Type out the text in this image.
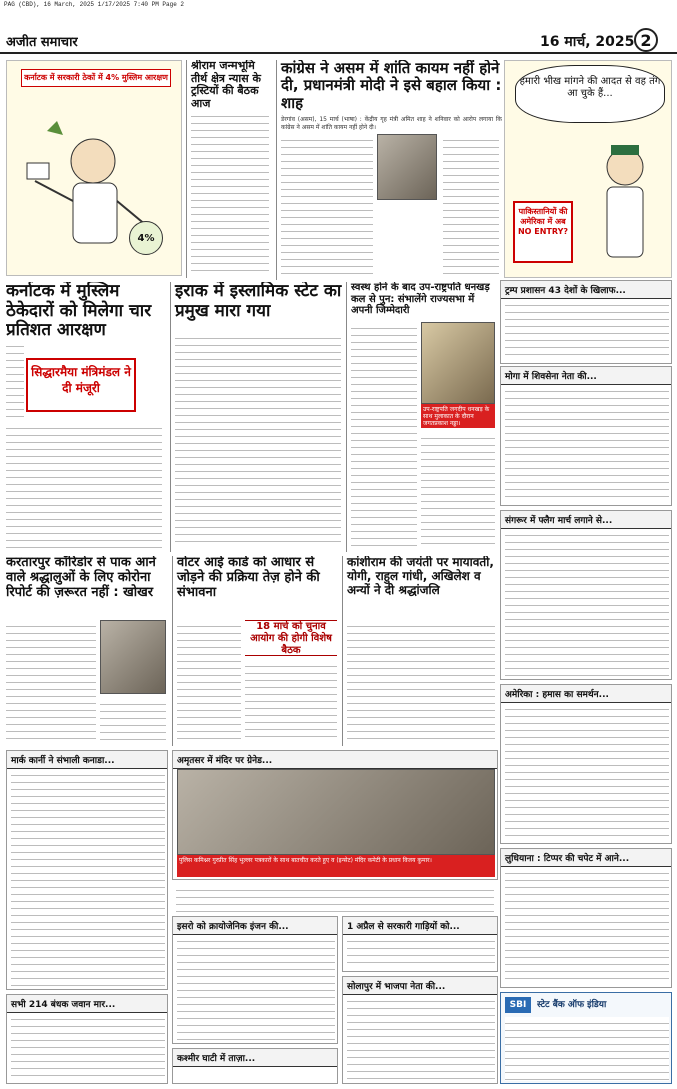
PAG (CBD), 16 March, 2025 1/17/2025 7:40 PM Page 2
अजीत समाचार	16 मार्च, 2025 2
कर्नाटक में सरकारी ठेकों में 4% मुस्लिम आरक्षण
4%
श्रीराम जन्मभूमि तीर्थ क्षेत्र न्यास के ट्रस्टियों की बैठक आज
कांग्रेस ने असम में शांति कायम नहीं होने दी, प्रधानमंत्री मोदी ने इसे बहाल किया : शाह
डेरगांव (असम), 15 मार्च (भाषा) : केंद्रीय गृह मंत्री अमित शाह ने शनिवार को आरोप लगाया कि कांग्रेस ने असम में शांति कायम नहीं होने दी।
हमारी भीख मांगने की आदत से वह तंग आ चुके हैं...
पाकिस्तानियों की अमेरिका में अब NO ENTRY?
ट्रम्प प्रशासन 43 देशों के खिलाफ...
कर्नाटक में मुस्लिम ठेकेदारों को मिलेगा चार प्रतिशत आरक्षण
सिद्धारमैया मंत्रिमंडल ने दी मंजूरी
इराक में इस्लामिक स्टेट का प्रमुख मारा गया
स्वस्थ होने के बाद उप-राष्ट्रपति धनखड़ कल से पुन: संभालेंगे राज्यसभा में अपनी जिम्मेदारी
उप-राष्ट्रपति जगदीप धनखड़ के साथ मुलाकात के दौरान जगतप्रकाश नड्डा।
मोगा में शिवसेना नेता की...
संगरूर में फ्लैग मार्च लगाने से...
करतारपुर कॉरिडोर से पाक आने वाले श्रद्धालुओं के लिए कोरोना रिपोर्ट की ज़रूरत नहीं : खोखर
वोटर आई कार्ड को आधार से जोड़ने की प्रक्रिया तेज़ होने की संभावना
18 मार्च को चुनाव आयोग की होगी विशेष बैठक
कांशीराम की जयंती पर मायावती, योगी, राहुल गांधी, अखिलेश व अन्यों ने दी श्रद्धांजलि
अमेरिका : हमास का समर्थन...
मार्क कार्नी ने संभाली कनाडा...	अमृतसर में मंदिर पर ग्रेनेड...
पुलिस कमिश्नर गुरप्रीत सिंह भुल्लर पत्रकारों के साथ बातचीत करते हुए व (इन्सेट) मंदिर कमेटी के प्रधान विजय कुमार।
इसरो को क्रायोजेनिक इंजन की...	1 अप्रैल से सरकारी गाड़ियों को...
सोलापुर में भाजपा नेता की...
लुधियाना : टिप्पर की चपेट में आने...
सभी 214 बंधक जवान मार...
कश्मीर घाटी में ताज़ा...
SBI	स्टेट बैंक ऑफ इंडिया
